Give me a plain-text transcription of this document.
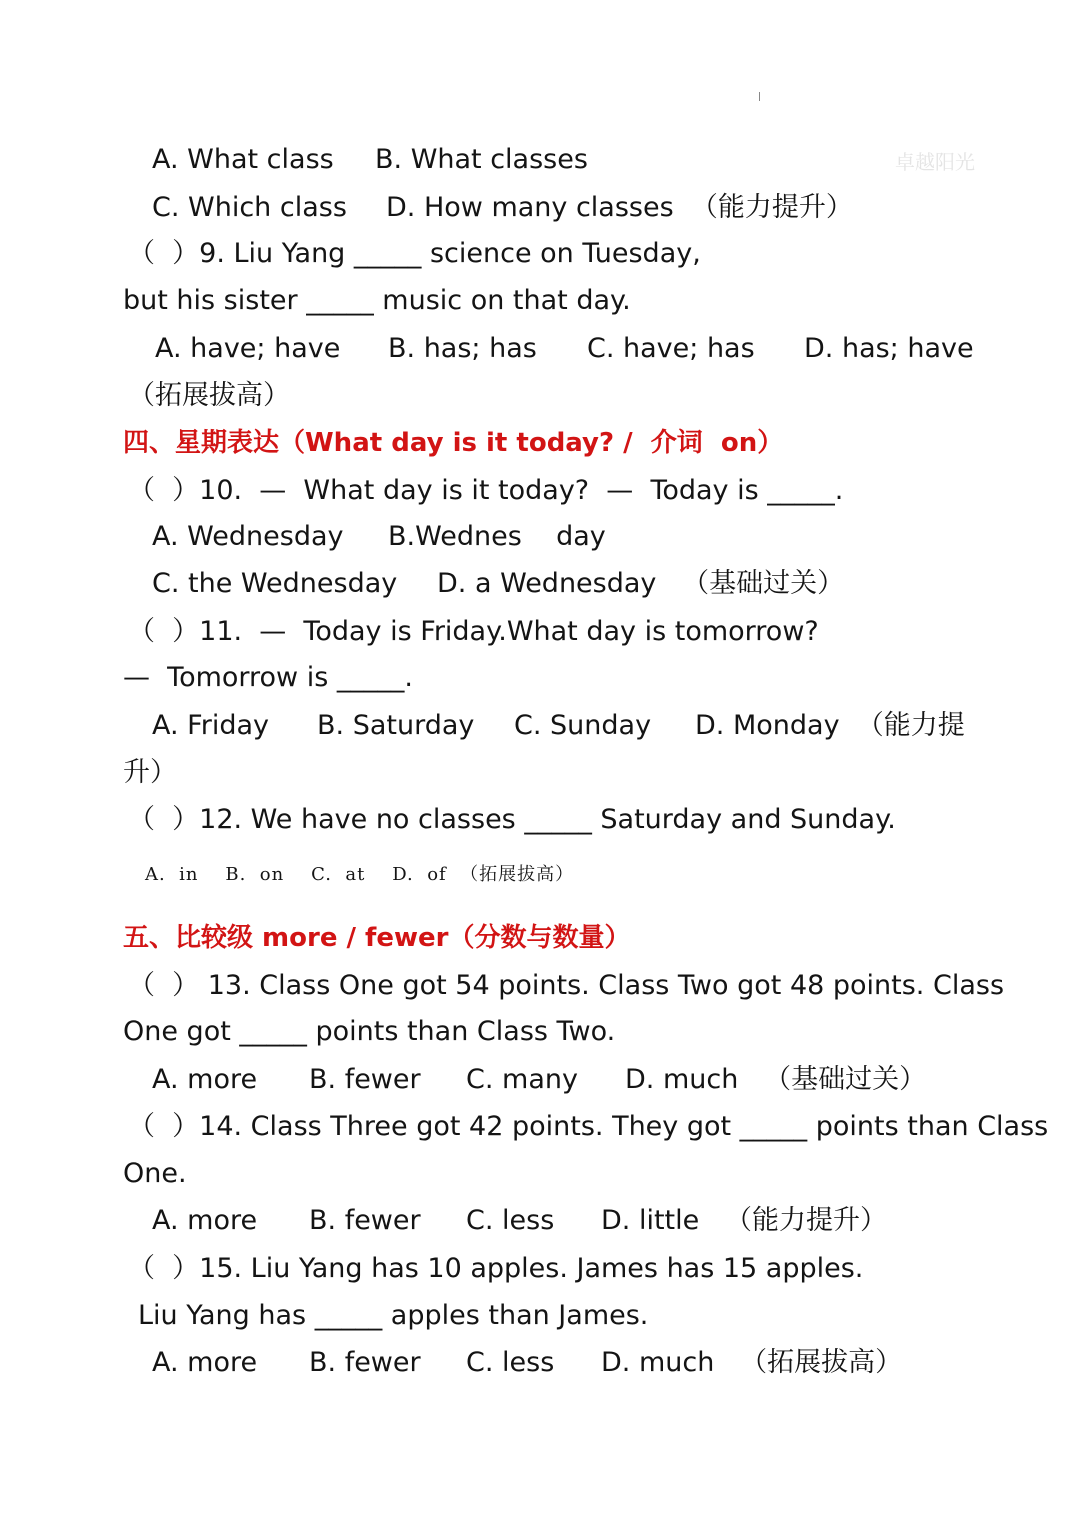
卓越阳光
A. What class B. What classes
C. Which class D. How many classes  （能力提升）
（  ）9. Liu Yang _____ science on Tuesday,
but his sister _____ music on that day.
A. have; have B. has; has C. have; has D. has; have
（拓展拔高）
四、星期表达（What day is it today? /  介词  on）
（  ）10.  —  What day is it today?  —  Today is _____.
A. Wednesday B.Wednes    day
C. the Wednesday D. a Wednesday   （基础过关）
（  ）11.  —  Today is Friday.What day is tomorrow?
—  Tomorrow is _____.
A. Friday B. Saturday C. Sunday D. Monday  （能力提
升）
（  ）12. We have no classes _____ Saturday and Sunday.
A.  in    B.  on    C.  at    D.  of  （拓展拔高）
五、比较级 more / fewer（分数与数量）
（  ） 13. Class One got 54 points. Class Two got 48 points. Class
One got _____ points than Class Two.
A. more B. fewer C. many D. much   （基础过关）
（  ）14. Class Three got 42 points. They got _____ points than Class
One.
A. more B. fewer C. less D. little   （能力提升）
（  ）15. Liu Yang has 10 apples. James has 15 apples.
Liu Yang has _____ apples than James.
A. more B. fewer C. less D. much   （拓展拔高）
